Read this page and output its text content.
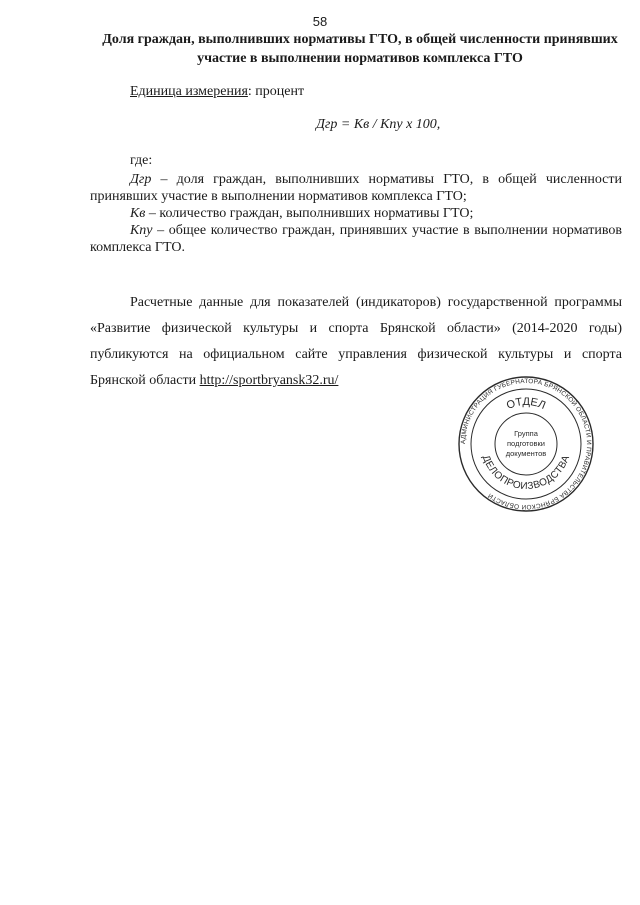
58
Доля граждан, выполнивших нормативы ГТО, в общей численности принявших
участие в выполнении нормативов комплекса ГТО
Единица измерения: процент
Дгр = Кв / Кпу х 100,
где:

Дгр – доля граждан, выполнивших нормативы ГТО, в общей численности принявших участие в выполнении нормативов комплекса ГТО;

Кв – количество граждан, выполнивших нормативы ГТО;

Кпу – общее количество граждан, принявших участие в выполнении нормативов комплекса ГТО.

Расчетные данные для показателей (индикаторов) государственной программы «Развитие физической культуры и спорта Брянской области» (2014-2020 годы) публикуются на официальном сайте управления физической культуры и спорта Брянской области http://sportbryansk32.ru/

АДМИНИСТРАЦИЯ ГУБЕРНАТОРА БРЯНСКОЙ ОБЛАСТИ И ПРАВИТЕЛЬСТВА БРЯНСКОЙ ОБЛАСТИ
ОТДЕЛ
ДЕЛОПРОИЗВОДСТВА
Группа
подготовки
документов
